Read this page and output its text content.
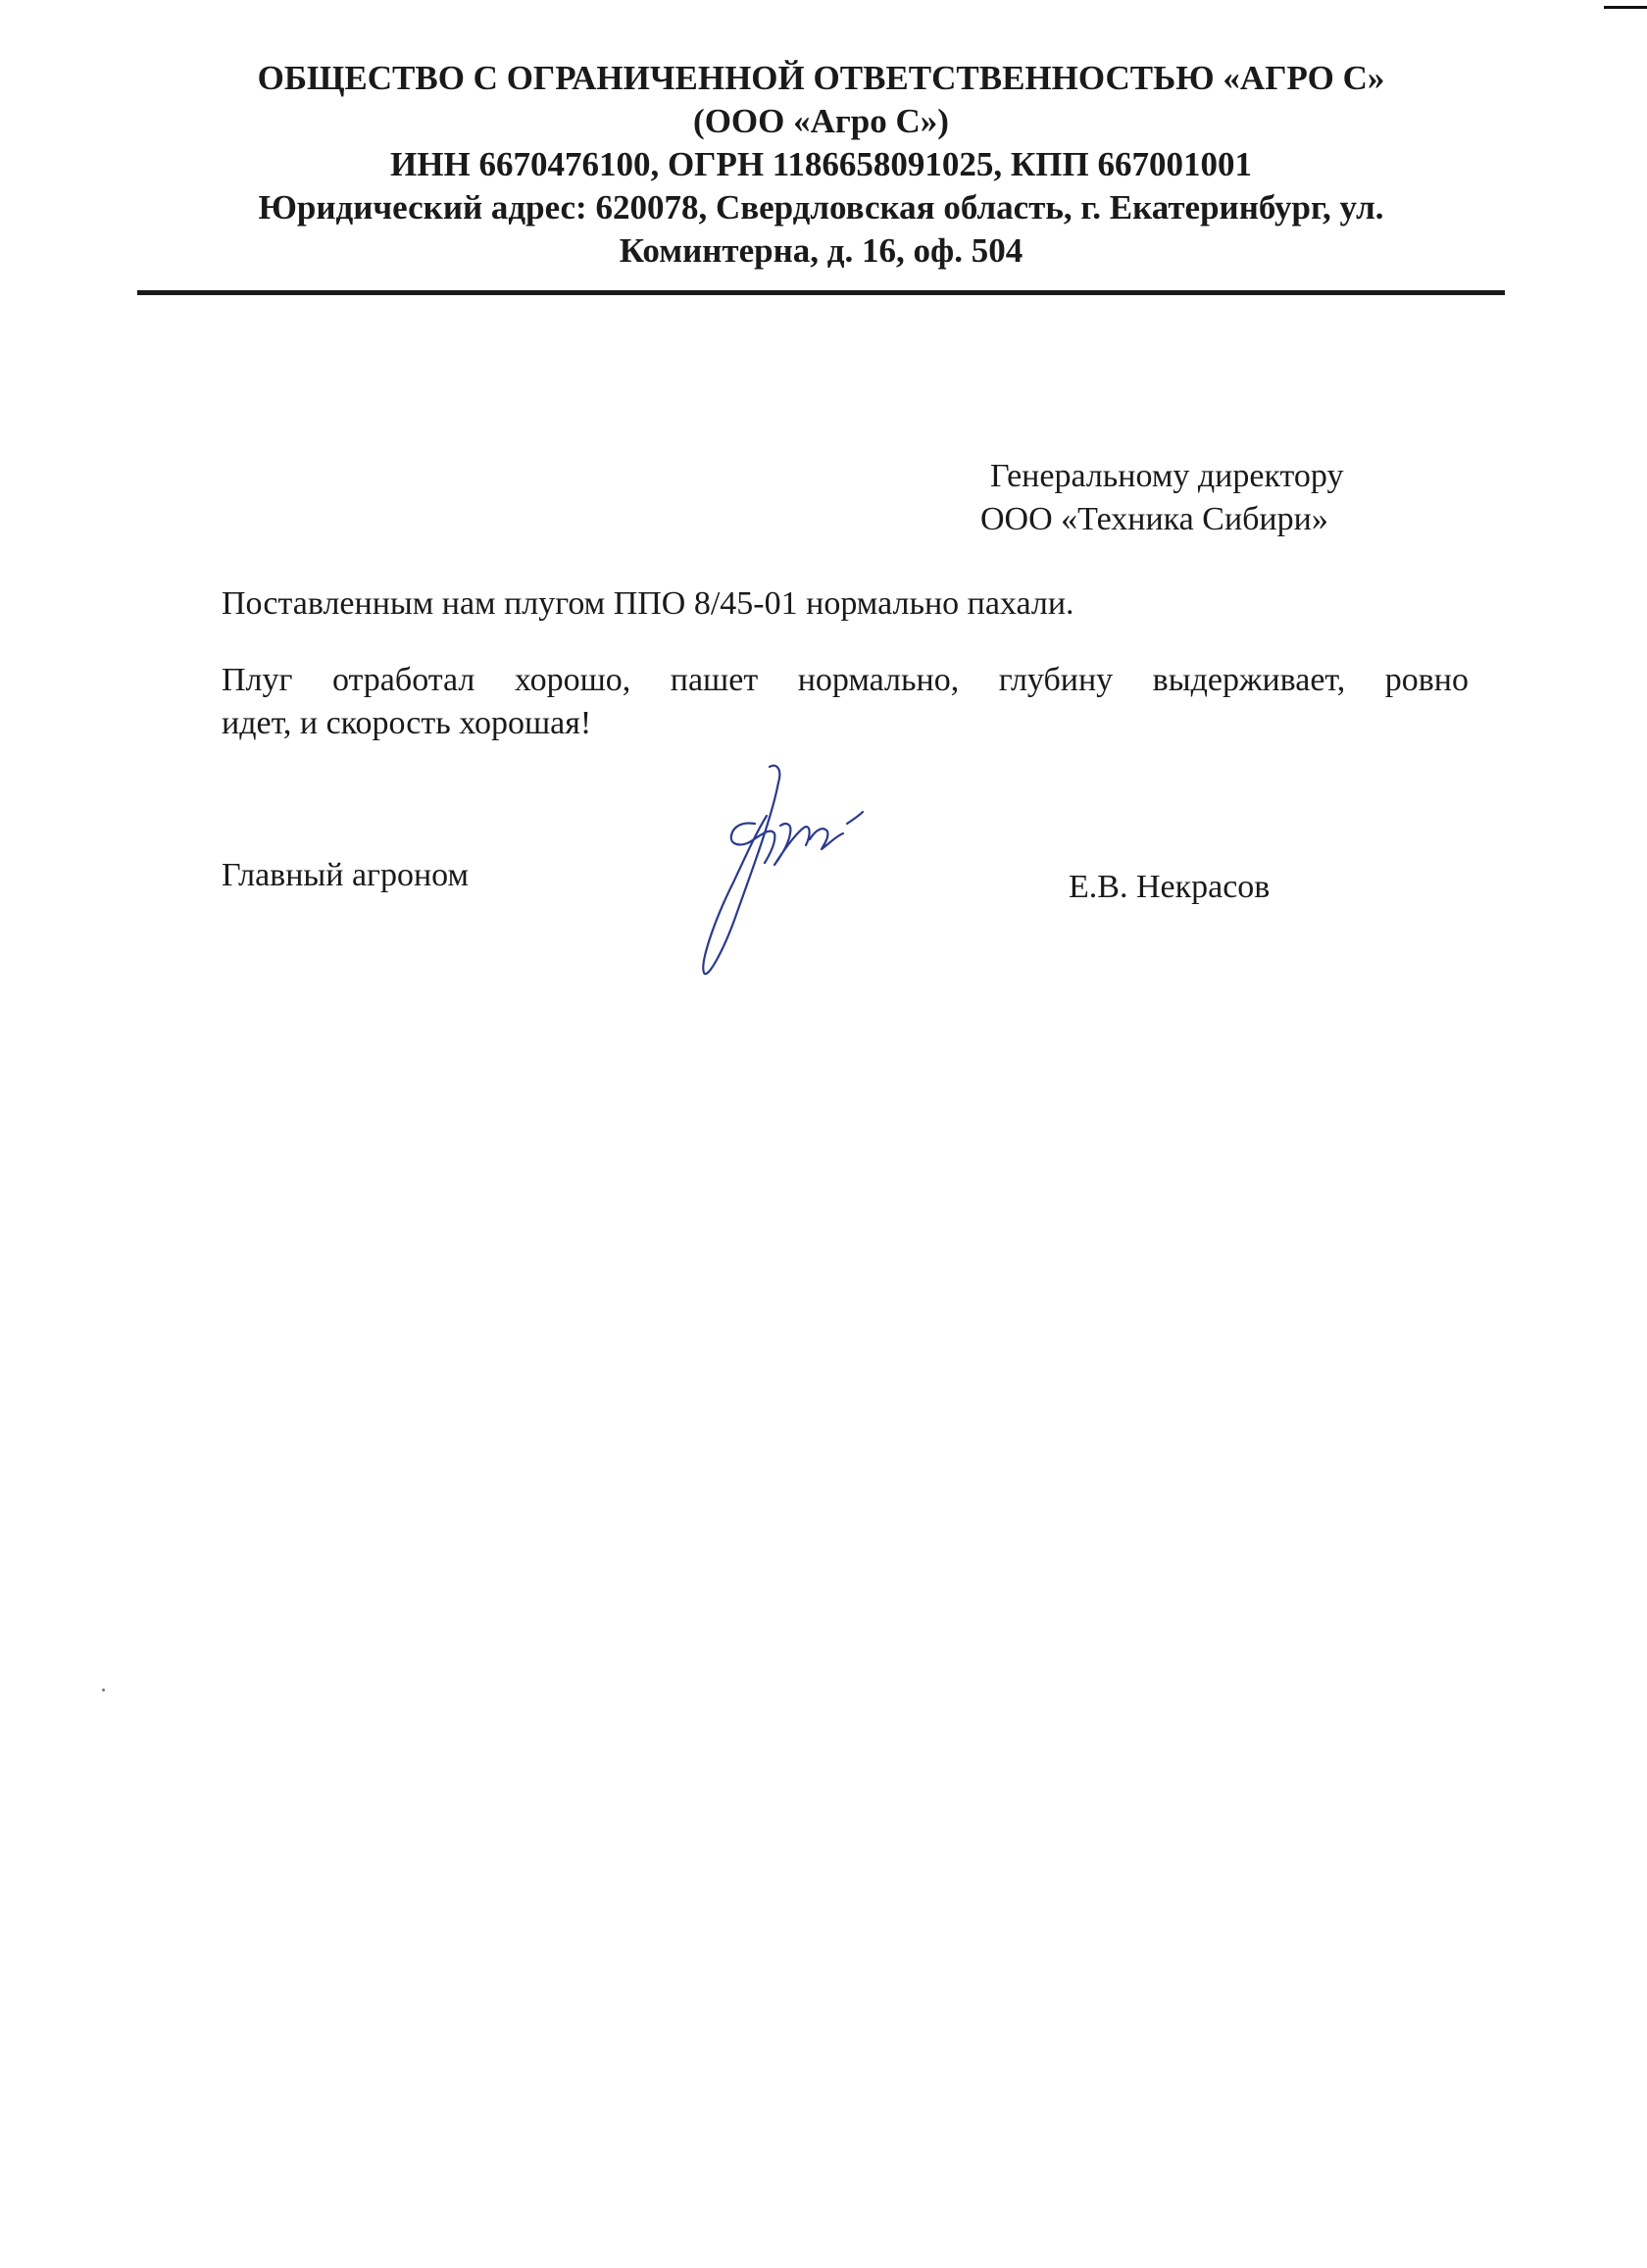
ОБЩЕСТВО С ОГРАНИЧЕННОЙ ОТВЕТСТВЕННОСТЬЮ «АГРО С»
(ООО «Агро С»)
ИНН 6670476100, ОГРН 1186658091025, КПП 667001001
Юридический адрес: 620078, Свердловская область, г. Екатеринбург, ул.
Коминтерна, д. 16, оф. 504
Генеральному директору
ООО «Техника Сибири»
Поставленным нам плугом ППО 8/45-01 нормально пахали.
Плуг отработал хорошо, пашет нормально, глубину выдерживает, ровно
идет, и скорость хорошая!
Главный агроном	Е.В. Некрасов
